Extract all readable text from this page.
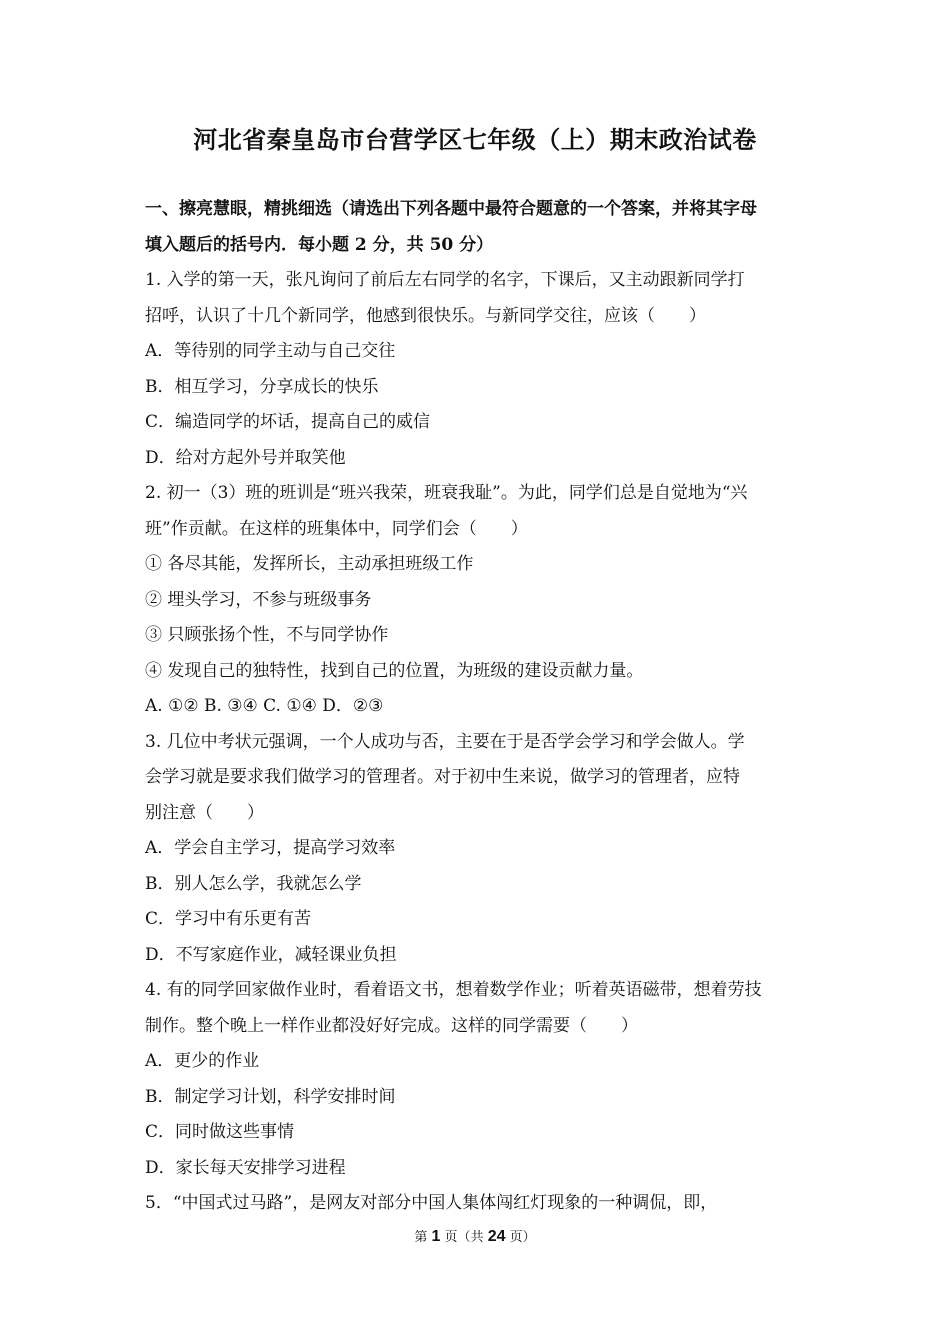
河北省秦皇岛市台营学区七年级（上）期末政治试卷
一、擦亮慧眼，精挑细选（请选出下列各题中最符合题意的一个答案，并将其字母
填入题后的括号内．每小题 2 分，共 50 分）
1. 入学的第一天，张凡询问了前后左右同学的名字，下课后，又主动跟新同学打
招呼，认识了十几个新同学，他感到很快乐。与新同学交往，应该（　　）
A．等待别的同学主动与自己交往
B．相互学习，分享成长的快乐
C．编造同学的坏话，提高自己的威信
D．给对方起外号并取笑他
2. 初一（3）班的班训是“班兴我荣，班衰我耻”。为此，同学们总是自觉地为“兴
班”作贡献。在这样的班集体中，同学们会（　　）
① 各尽其能，发挥所长，主动承担班级工作
② 埋头学习，不参与班级事务
③ 只顾张扬个性，不与同学协作
④ 发现自己的独特性，找到自己的位置，为班级的建设贡献力量。
A. ①② B. ③④ C. ①④ D．②③
3. 几位中考状元强调，一个人成功与否，主要在于是否学会学习和学会做人。学
会学习就是要求我们做学习的管理者。对于初中生来说，做学习的管理者，应特
别注意（　　）
A．学会自主学习，提高学习效率
B．别人怎么学，我就怎么学
C．学习中有乐更有苦
D．不写家庭作业，减轻课业负担
4. 有的同学回家做作业时，看着语文书，想着数学作业；听着英语磁带，想着劳技
制作。整个晚上一样作业都没好好完成。这样的同学需要（　　）
A．更少的作业
B．制定学习计划，科学安排时间
C．同时做这些事情
D．家长每天安排学习进程
5．“中国式过马路”，是网友对部分中国人集体闯红灯现象的一种调侃，即，
第 1 页（共 24 页）
